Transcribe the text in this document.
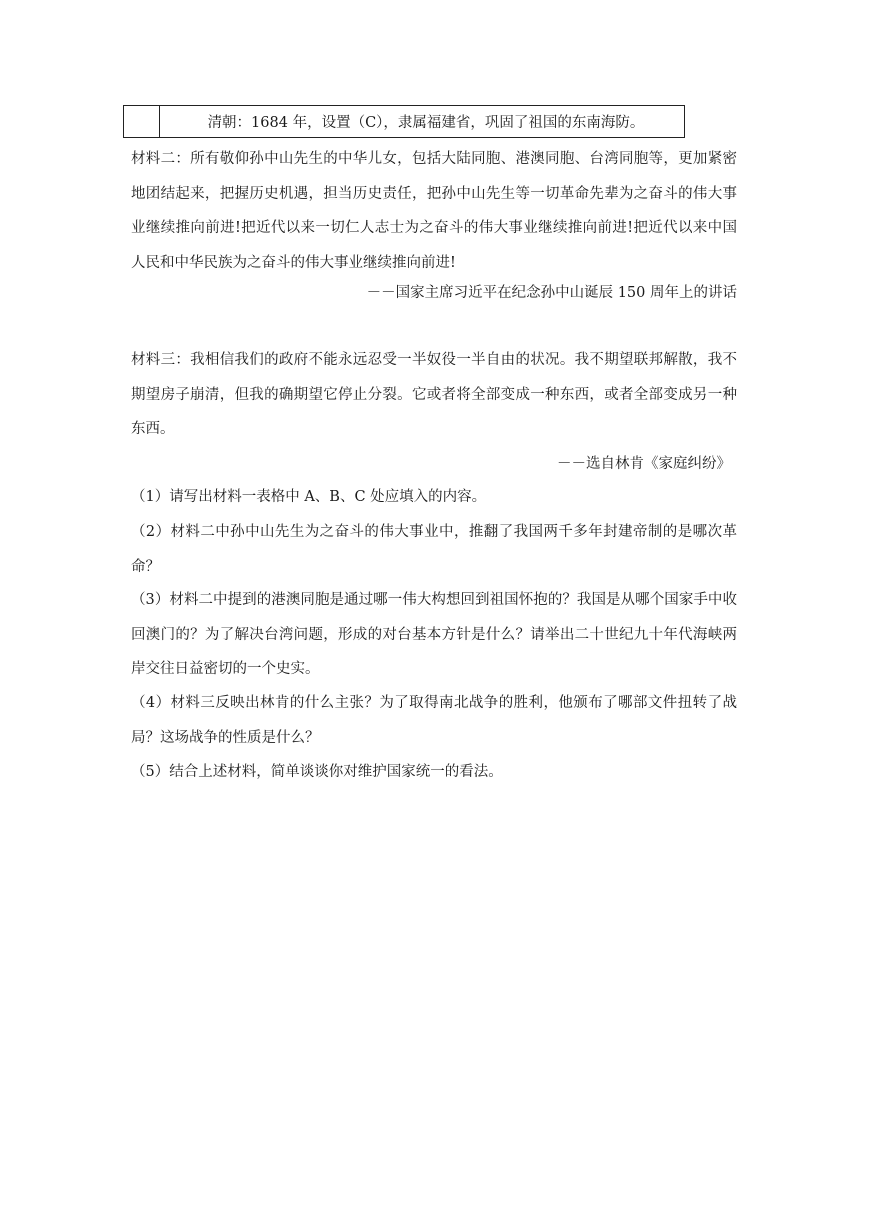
清朝：1684 年，设置（C），隶属福建省，巩固了祖国的东南海防。
材料二：所有敬仰孙中山先生的中华儿女，包括大陆同胞、港澳同胞、台湾同胞等，更加紧密地团结起来，把握历史机遇，担当历史责任，把孙中山先生等一切革命先辈为之奋斗的伟大事业继续推向前进!把近代以来一切仁人志士为之奋斗的伟大事业继续推向前进!把近代以来中国人民和中华民族为之奋斗的伟大事业继续推向前进!
－－国家主席习近平在纪念孙中山诞辰 150 周年上的讲话
材料三：我相信我们的政府不能永远忍受一半奴役一半自由的状况。我不期望联邦解散，我不期望房子崩清，但我的确期望它停止分裂。它或者将全部变成一种东西，或者全部变成另一种东西。
－－选自林肯《家庭纠纷》
（1）请写出材料一表格中 A、B、C 处应填入的内容。
（2）材料二中孙中山先生为之奋斗的伟大事业中，推翻了我国两千多年封建帝制的是哪次革命？
（3）材料二中提到的港澳同胞是通过哪一伟大构想回到祖国怀抱的？我国是从哪个国家手中收回澳门的？为了解决台湾问题，形成的对台基本方针是什么？请举出二十世纪九十年代海峡两岸交往日益密切的一个史实。
（4）材料三反映出林肯的什么主张？为了取得南北战争的胜利，他颁布了哪部文件扭转了战局？这场战争的性质是什么？
（5）结合上述材料，简单谈谈你对维护国家统一的看法。
